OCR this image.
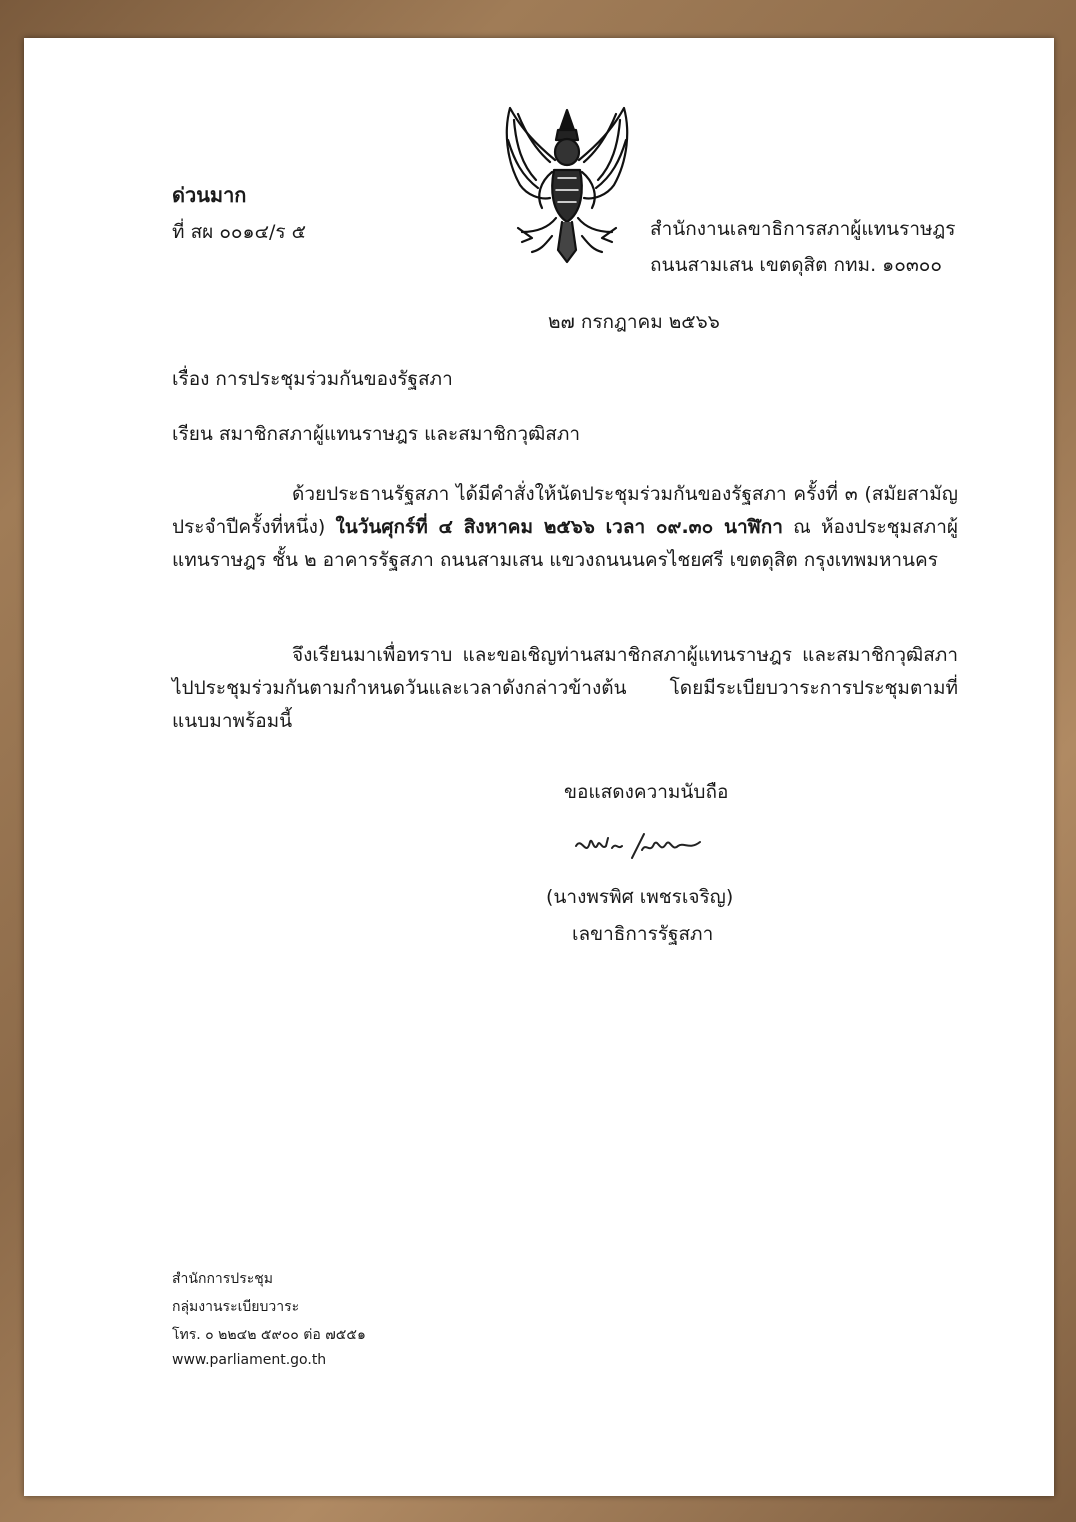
ด่วนมาก
ที่ สผ ๐๐๑๔/ร ๕	สำนักงานเลขาธิการสภาผู้แทนราษฎร
ถนนสามเสน เขตดุสิต กทม. ๑๐๓๐๐
๒๗ กรกฎาคม ๒๕๖๖
เรื่อง การประชุมร่วมกันของรัฐสภา
เรียน สมาชิกสภาผู้แทนราษฎร และสมาชิกวุฒิสภา

ด้วยประธานรัฐสภา ได้มีคำสั่งให้นัดประชุมร่วมกันของรัฐสภา ครั้งที่ ๓ (สมัยสามัญประจำปีครั้งที่หนึ่ง) ในวันศุกร์ที่ ๔ สิงหาคม ๒๕๖๖ เวลา ๐๙.๓๐ นาฬิกา ณ ห้องประชุมสภาผู้แทนราษฎร ชั้น ๒ อาคารรัฐสภา ถนนสามเสน แขวงถนนนครไชยศรี เขตดุสิต กรุงเทพมหานคร

จึงเรียนมาเพื่อทราบ และขอเชิญท่านสมาชิกสภาผู้แทนราษฎร และสมาชิกวุฒิสภา ไปประชุมร่วมกันตามกำหนดวันและเวลาดังกล่าวข้างต้น โดยมีระเบียบวาระการประชุมตามที่แนบมาพร้อมนี้

ขอแสดงความนับถือ
(นางพรพิศ เพชรเจริญ)
เลขาธิการรัฐสภา
สำนักการประชุม
กลุ่มงานระเบียบวาระ
โทร. ๐ ๒๒๔๒ ๕๙๐๐ ต่อ ๗๕๕๑
www.parliament.go.th
